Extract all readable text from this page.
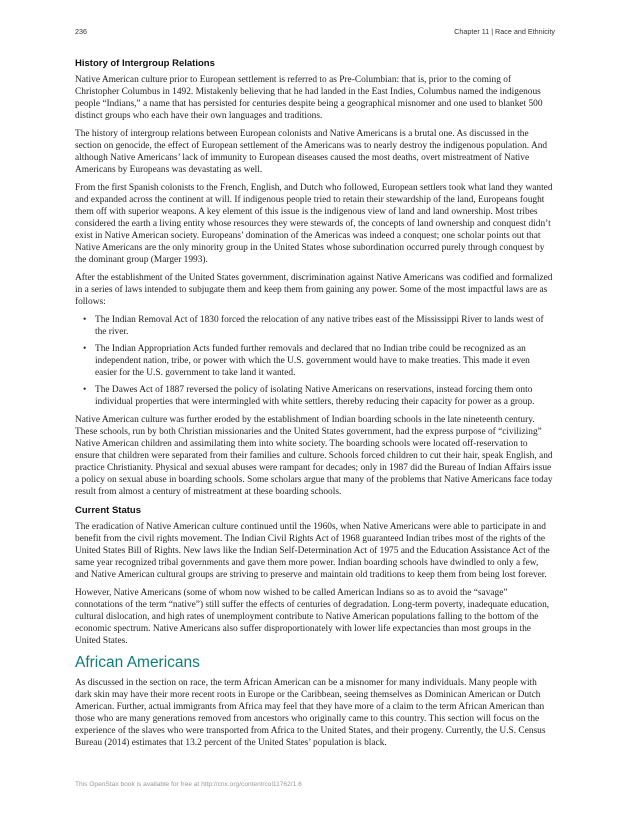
236	Chapter 11 | Race and Ethnicity
History of Intergroup Relations

Native American culture prior to European settlement is referred to as Pre-Columbian: that is, prior to the coming of Christopher Columbus in 1492. Mistakenly believing that he had landed in the East Indies, Columbus named the indigenous people “Indians,” a name that has persisted for centuries despite being a geographical misnomer and one used to blanket 500 distinct groups who each have their own languages and traditions.

The history of intergroup relations between European colonists and Native Americans is a brutal one. As discussed in the section on genocide, the effect of European settlement of the Americans was to nearly destroy the indigenous population. And although Native Americans’ lack of immunity to European diseases caused the most deaths, overt mistreatment of Native Americans by Europeans was devastating as well.

From the first Spanish colonists to the French, English, and Dutch who followed, European settlers took what land they wanted and expanded across the continent at will. If indigenous people tried to retain their stewardship of the land, Europeans fought them off with superior weapons. A key element of this issue is the indigenous view of land and land ownership. Most tribes considered the earth a living entity whose resources they were stewards of, the concepts of land ownership and conquest didn’t exist in Native American society. Europeans’ domination of the Americas was indeed a conquest; one scholar points out that Native Americans are the only minority group in the United States whose subordination occurred purely through conquest by the dominant group (Marger 1993).

After the establishment of the United States government, discrimination against Native Americans was codified and formalized in a series of laws intended to subjugate them and keep them from gaining any power. Some of the most impactful laws are as follows:

• The Indian Removal Act of 1830 forced the relocation of any native tribes east of the Mississippi River to lands west of the river.
• The Indian Appropriation Acts funded further removals and declared that no Indian tribe could be recognized as an independent nation, tribe, or power with which the U.S. government would have to make treaties. This made it even easier for the U.S. government to take land it wanted.
• The Dawes Act of 1887 reversed the policy of isolating Native Americans on reservations, instead forcing them onto individual properties that were intermingled with white settlers, thereby reducing their capacity for power as a group.

Native American culture was further eroded by the establishment of Indian boarding schools in the late nineteenth century. These schools, run by both Christian missionaries and the United States government, had the express purpose of “civilizing” Native American children and assimilating them into white society. The boarding schools were located off-reservation to ensure that children were separated from their families and culture. Schools forced children to cut their hair, speak English, and practice Christianity. Physical and sexual abuses were rampant for decades; only in 1987 did the Bureau of Indian Affairs issue a policy on sexual abuse in boarding schools. Some scholars argue that many of the problems that Native Americans face today result from almost a century of mistreatment at these boarding schools.

Current Status

The eradication of Native American culture continued until the 1960s, when Native Americans were able to participate in and benefit from the civil rights movement. The Indian Civil Rights Act of 1968 guaranteed Indian tribes most of the rights of the United States Bill of Rights. New laws like the Indian Self-Determination Act of 1975 and the Education Assistance Act of the same year recognized tribal governments and gave them more power. Indian boarding schools have dwindled to only a few, and Native American cultural groups are striving to preserve and maintain old traditions to keep them from being lost forever.

However, Native Americans (some of whom now wished to be called American Indians so as to avoid the “savage” connotations of the term “native”) still suffer the effects of centuries of degradation. Long-term poverty, inadequate education, cultural dislocation, and high rates of unemployment contribute to Native American populations falling to the bottom of the economic spectrum. Native Americans also suffer disproportionately with lower life expectancies than most groups in the United States.

African Americans

As discussed in the section on race, the term African American can be a misnomer for many individuals. Many people with dark skin may have their more recent roots in Europe or the Caribbean, seeing themselves as Dominican American or Dutch American. Further, actual immigrants from Africa may feel that they have more of a claim to the term African American than those who are many generations removed from ancestors who originally came to this country. This section will focus on the experience of the slaves who were transported from Africa to the United States, and their progeny. Currently, the U.S. Census Bureau (2014) estimates that 13.2 percent of the United States’ population is black.

This OpenStax book is available for free at http://cnx.org/content/col11762/1.6
